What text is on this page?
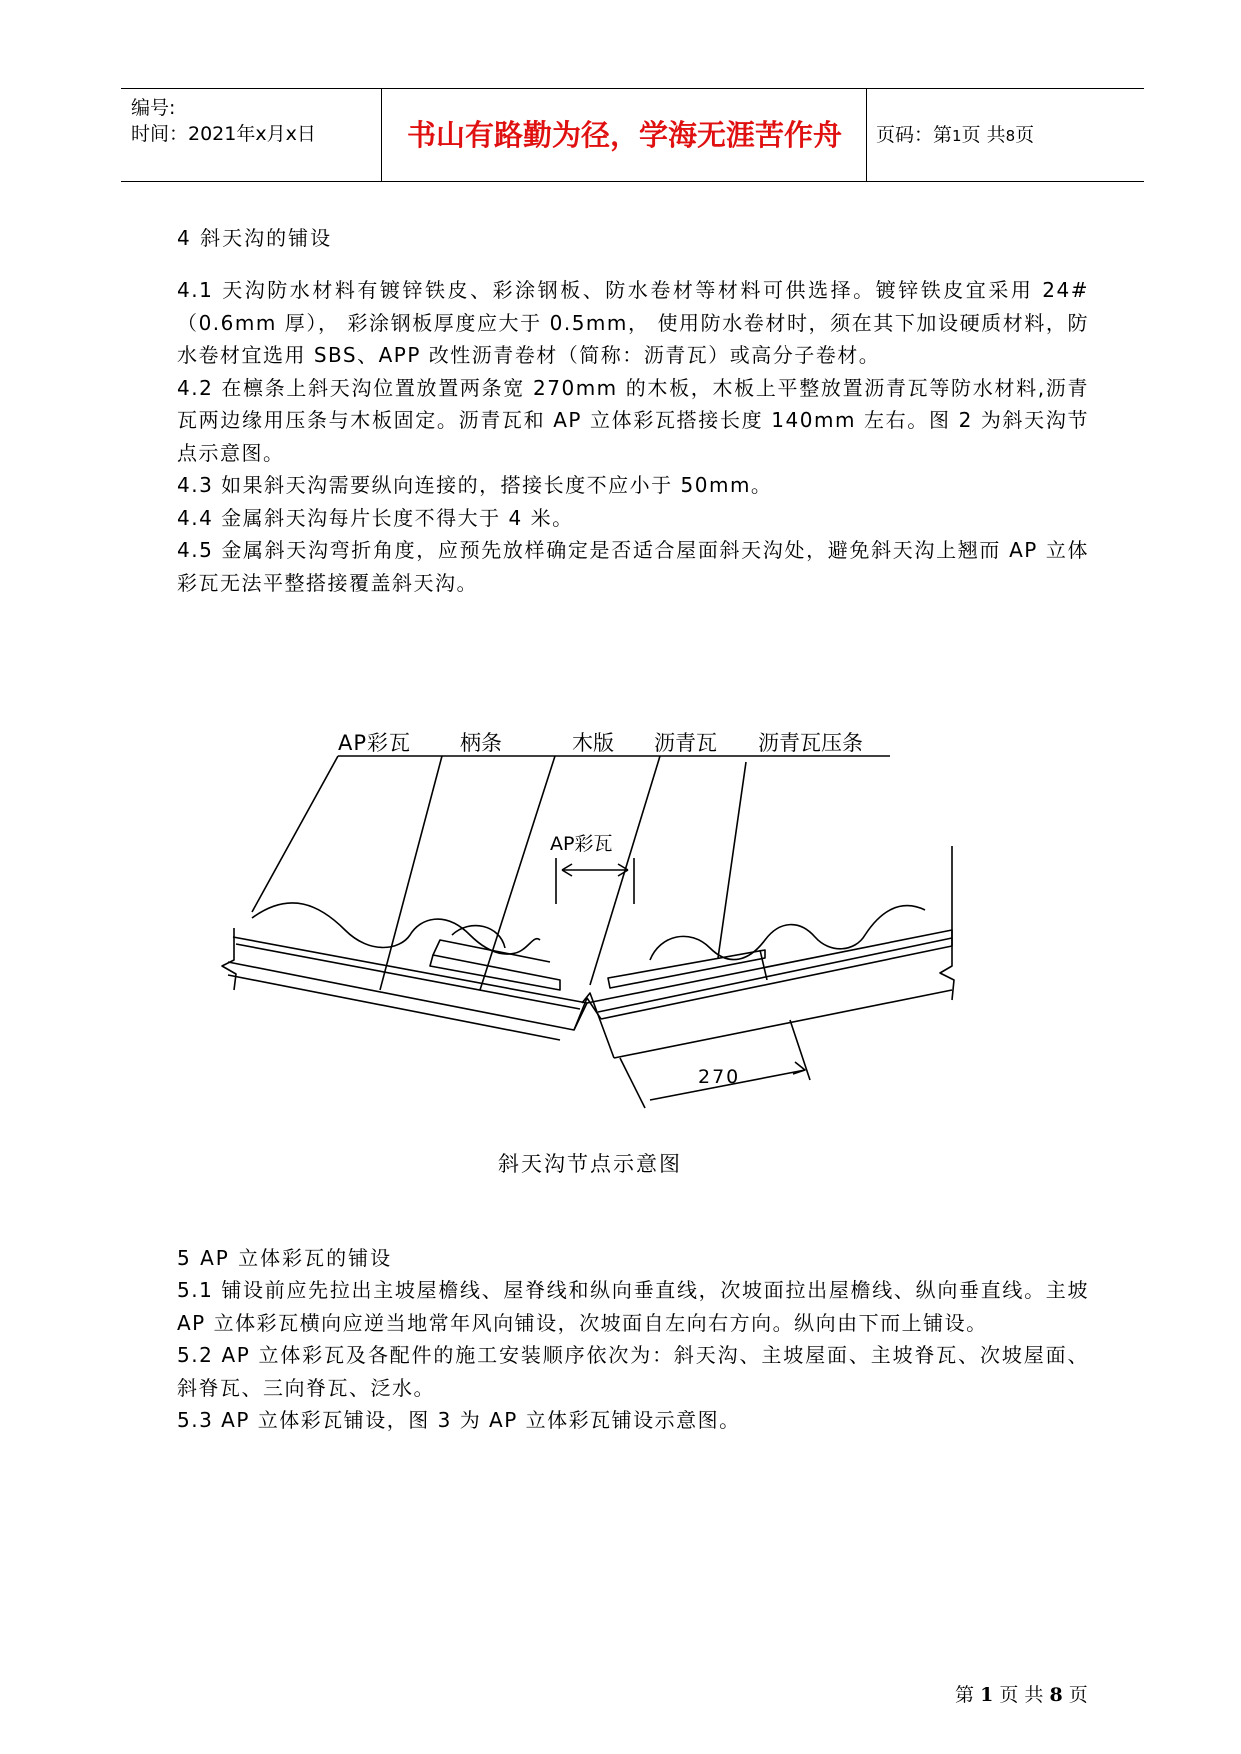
编号:
时间：2021年x月x日	书山有路勤为径，学海无涯苦作舟	页码：第1页 共8页
4 斜天沟的铺设

4.1 天沟防水材料有镀锌铁皮、彩涂钢板、防水卷材等材料可供选择。镀锌铁皮宜采用 24#（0.6mm 厚）， 彩涂钢板厚度应大于 0.5mm， 使用防水卷材时，须在其下加设硬质材料，防水卷材宜选用 SBS、APP 改性沥青卷材（简称：沥青瓦）或高分子卷材。

4.2 在檩条上斜天沟位置放置两条宽 270mm 的木板，木板上平整放置沥青瓦等防水材料,沥青瓦两边缘用压条与木板固定。沥青瓦和 AP 立体彩瓦搭接长度 140mm 左右。图 2 为斜天沟节点示意图。

4.3 如果斜天沟需要纵向连接的，搭接长度不应小于 50mm。

4.4 金属斜天沟每片长度不得大于 4 米。

4.5 金属斜天沟弯折角度，应预先放样确定是否适合屋面斜天沟处，避免斜天沟上翘而 AP 立体彩瓦无法平整搭接覆盖斜天沟。

AP彩瓦 柄条	木版 沥青瓦 沥青瓦压条
AP彩瓦
270
斜天沟节点示意图
5 AP 立体彩瓦的铺设

5.1 铺设前应先拉出主坡屋檐线、屋脊线和纵向垂直线，次坡面拉出屋檐线、纵向垂直线。主坡 AP 立体彩瓦横向应逆当地常年风向铺设，次坡面自左向右方向。纵向由下而上铺设。

5.2 AP 立体彩瓦及各配件的施工安装顺序依次为：斜天沟、主坡屋面、主坡脊瓦、次坡屋面、斜脊瓦、三向脊瓦、泛水。

5.3 AP 立体彩瓦铺设，图 3 为 AP 立体彩瓦铺设示意图。

第 1 页 共 8 页
